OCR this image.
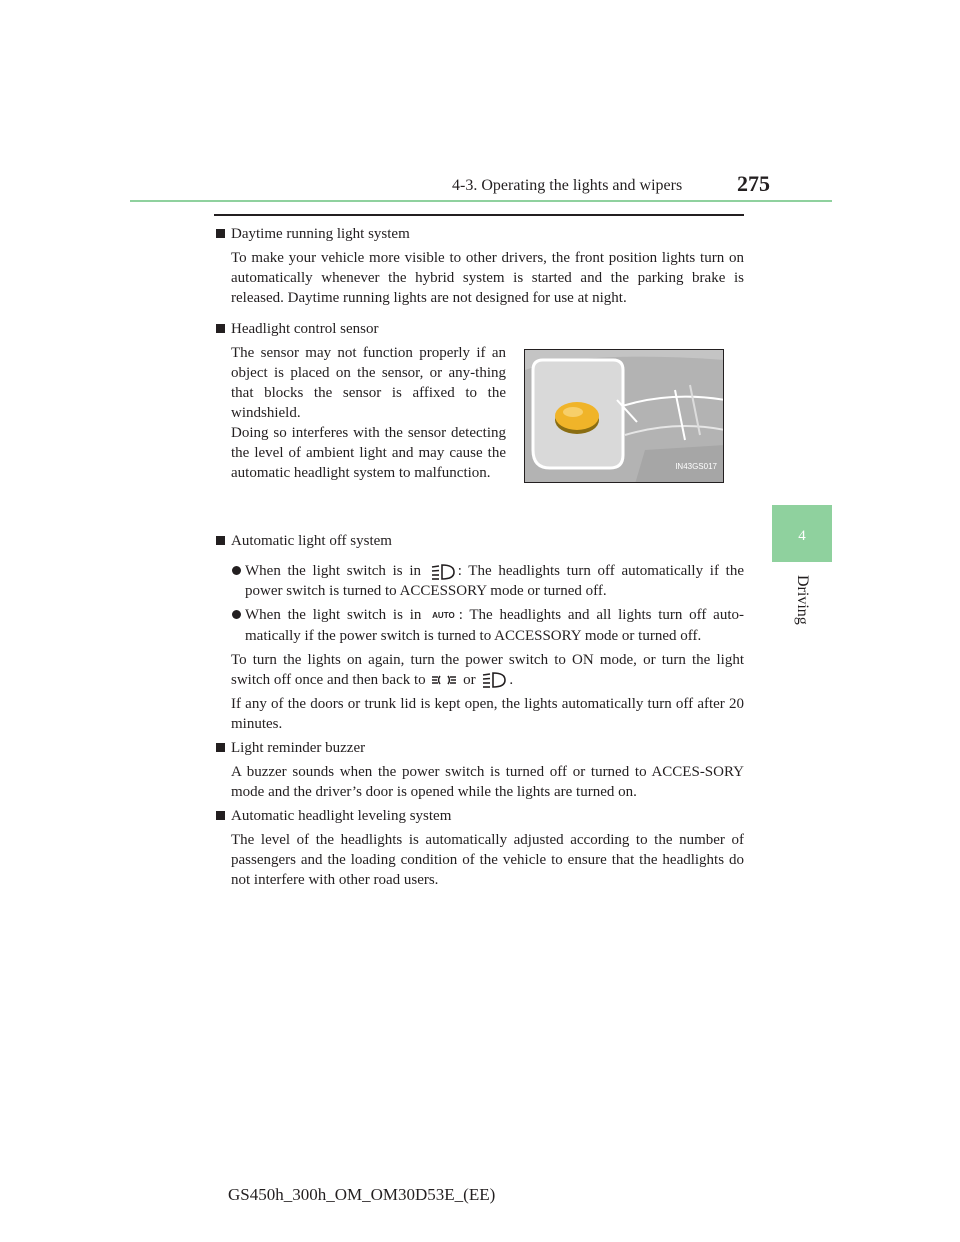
4-3. Operating the lights and wipers 275
4
Driving
Daytime running light system
To make your vehicle more visible to other drivers, the front position lights turn on automatically whenever the hybrid system is started and the parking brake is released. Daytime running lights are not designed for use at night.
Headlight control sensor
The sensor may not function properly if an object is placed on the sensor, or any-thing that blocks the sensor is affixed to the windshield.
Doing so interferes with the sensor detecting the level of ambient light and may cause the automatic headlight system to malfunction.	IN43GS017
Automatic light off system
When the light switch is in : The headlights turn off automatically if the power switch is turned to ACCESSORY mode or turned off.
When the light switch is in AUTO : The headlights and all lights turn off auto-matically if the power switch is turned to ACCESSORY mode or turned off.
To turn the lights on again, turn the power switch to ON mode, or turn the light switch off once and then back to	or .
If any of the doors or trunk lid is kept open, the lights automatically turn off after 20 minutes.
Light reminder buzzer
A buzzer sounds when the power switch is turned off or turned to ACCES-SORY mode and the driver’s door is opened while the lights are turned on.
Automatic headlight leveling system
The level of the headlights is automatically adjusted according to the number of passengers and the loading condition of the vehicle to ensure that the headlights do not interfere with other road users.
GS450h_300h_OM_OM30D53E_(EE)
